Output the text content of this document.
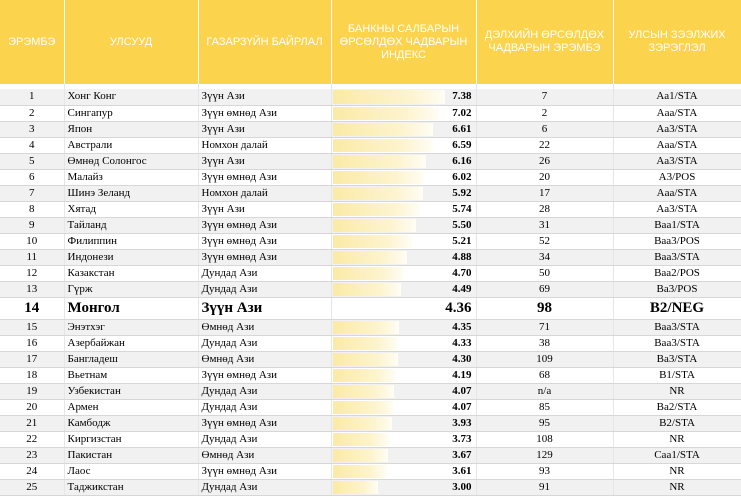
ЭРЭМБЭ	УЛСУУД	ГАЗАРЗҮЙН БАЙРЛАЛ	БАНКНЫ САЛБАРЫН ӨРСӨЛДӨХ ЧАДВАРЫН ИНДЕКС	ДЭЛХИЙН ӨРСӨЛДӨХ ЧАДВАРЫН ЭРЭМБЭ	УЛСЫН ЗЭЭЛЖИХ ЗЭРЭГЛЭЛ

1	Хонг Конг	Зүүн Ази	7.38	7	Aa1/STA
2	Сингапур	Зүүн өмнөд Ази	7.02	2	Aaa/STA
3	Япон	Зүүн Ази	6.61	6	Aa3/STA
4	Австрали	Номхон далай	6.59	22	Aaa/STA
5	Өмнөд Солонгос	Зүүн Ази	6.16	26	Aa3/STA
6	Малайз	Зүүн өмнөд Ази	6.02	20	A3/POS
7	Шинэ Зеланд	Номхон далай	5.92	17	Aaa/STA
8	Хятад	Зүүн Ази	5.74	28	Aa3/STA
9	Тайланд	Зүүн өмнөд Ази	5.50	31	Baa1/STA
10	Филиппин	Зүүн өмнөд Ази	5.21	52	Baa3/POS
11	Индонези	Зүүн өмнөд Ази	4.88	34	Baa3/STA
12	Казакстан	Дундад Ази	4.70	50	Baa2/POS
13	Гүрж	Дундад Ази	4.49	69	Ba3/POS
14	Монгол	Зүүн Ази	4.36	98	B2/NEG
15	Энэтхэг	Өмнөд Ази	4.35	71	Baa3/STA
16	Азербайжан	Дундад Ази	4.33	38	Baa3/STA
17	Бангладеш	Өмнөд Ази	4.30	109	Ba3/STA
18	Вьетнам	Зүүн өмнөд Ази	4.19	68	B1/STA
19	Узбекистан	Дундад Ази	4.07	n/a	NR
20	Армен	Дундад Ази	4.07	85	Ba2/STA
21	Камбодж	Зүүн өмнөд Ази	3.93	95	B2/STA
22	Киргизстан	Дундад Ази	3.73	108	NR
23	Пакистан	Өмнөд Ази	3.67	129	Caa1/STA
24	Лаос	Зүүн өмнөд Ази	3.61	93	NR
25	Таджикстан	Дундад Ази	3.00	91	NR
